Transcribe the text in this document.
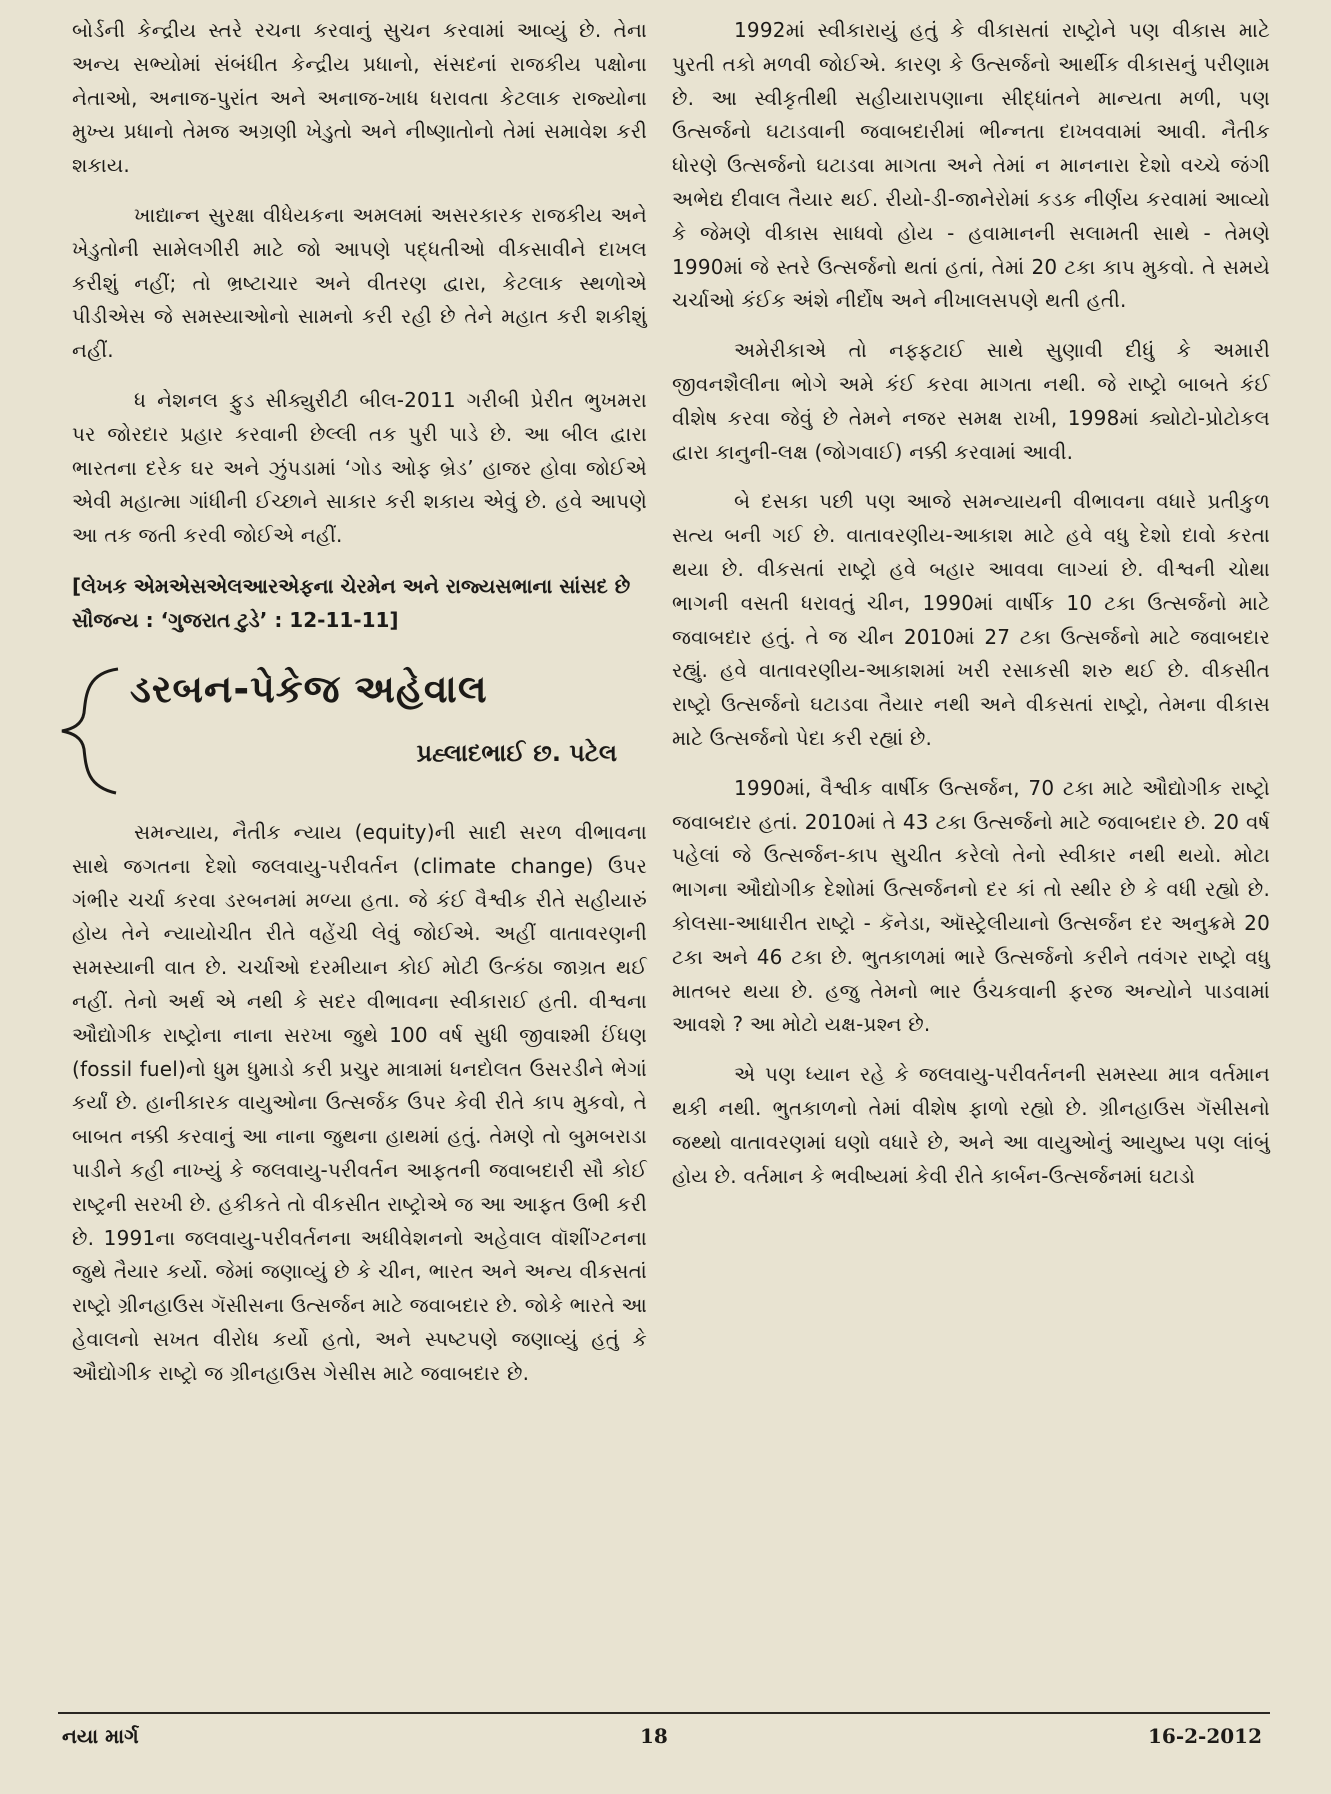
બોર્ડની કેન્દ્રીય સ્તરે રચના કરવાનું સુચન કરવામાં આવ્યું છે. તેના અન્ય સભ્યોમાં સંબંધીત કેન્દ્રીય પ્રધાનો, સંસદનાં રાજકીય પક્ષોના નેતાઓ, અનાજ-પુરાંત અને અનાજ-ખાધ ધરાવતા કેટલાક રાજ્યોના મુખ્ય પ્રધાનો તેમજ અગ્રણી ખેડુતો અને નીષ્ણાતોનો તેમાં સમાવેશ કરી શકાય.

ખાદ્યાન્ન સુરક્ષા વીધેયકના અમલમાં અસરકારક રાજકીય અને ખેડુતોની સામેલગીરી માટે જો આપણે પદ્ધતીઓ વીકસાવીને દાખલ કરીશું નહીં; તો ભ્રષ્ટાચાર અને વીતરણ દ્વારા, કેટલાક સ્થળોએ પીડીએસ જે સમસ્યાઓનો સામનો કરી રહી છે તેને મહાત કરી શકીશું નહીં.

ધ નેશનલ ફુડ સીક્યુરીટી બીલ-2011 ગરીબી પ્રેરીત ભુખમરા પર જોરદાર પ્રહાર કરવાની છેલ્લી તક પુરી પાડે છે. આ બીલ દ્વારા ભારતના દરેક ઘર અને ઝુંપડામાં ‘ગોડ ઓફ બ્રેડ’ હાજર હોવા જોઈએ એવી મહાત્મા ગાંધીની ઈચ્છાને સાકાર કરી શકાય એવું છે. હવે આપણે આ તક જતી કરવી જોઈએ નહીં.

[લેખક એમએસએલઆરએફના ચેરમેન અને રાજ્યસભાના સાંસદ છે સૌજન્ય : ‘ગુજરાત ટુડે’ : 12-11-11]

ડરબન-પેકેજ અહેવાલ
પ્રહ્લાદભાઈ છ. પટેલ

સમન્યાય, નૈતીક ન્યાય (equity)ની સાદી સરળ વીભાવના સાથે જગતના દેશો જલવાયુ-પરીવર્તન (climate change) ઉપર ગંભીર ચર્ચા કરવા ડરબનમાં મળ્યા હતા. જે કંઈ વૈશ્વીક રીતે સહીયારું હોય તેને ન્યાયોચીત રીતે વહેંચી લેવું જોઈએ. અહીં વાતાવરણની સમસ્યાની વાત છે. ચર્ચાઓ દરમીયાન કોઈ મોટી ઉત્કંઠા જાગ્રત થઈ નહીં. તેનો અર્થ એ નથી કે સદર વીભાવના સ્વીકારાઈ હતી. વીશ્વના ઔદ્યોગીક રાષ્ટ્રોના નાના સરખા જુથે 100 વર્ષ સુધી જીવાશ્મી ઈંધણ (fossil fuel)નો ધુમ ધુમાડો કરી પ્રચુર માત્રામાં ધનદોલત ઉસરડીને ભેગાં કર્યાં છે. હાનીકારક વાયુઓના ઉત્સર્જક ઉપર કેવી રીતે કાપ મુકવો, તે બાબત નક્કી કરવાનું આ નાના જુથના હાથમાં હતું. તેમણે તો બુમબરાડા પાડીને કહી નાખ્યું કે જલવાયુ-પરીવર્તન આફતની જવાબદારી સૌ કોઈ રાષ્ટ્રની સરખી છે. હકીકતે તો વીકસીત રાષ્ટ્રોએ જ આ આફત ઉભી કરી છે. 1991ના જલવાયુ-પરીવર્તનના અધીવેશનનો અહેવાલ વૉશીંગ્ટનના જુથે તૈયાર કર્યો. જેમાં જણાવ્યું છે કે ચીન, ભારત અને અન્ય વીકસતાં રાષ્ટ્રો ગ્રીનહાઉસ ગૅસીસના ઉત્સર્જન માટે જવાબદાર છે. જોકે ભારતે આ હેવાલનો સખત વીરોધ કર્યો હતો, અને સ્પષ્ટપણે જણાવ્યું હતું કે ઔદ્યોગીક રાષ્ટ્રો જ ગ્રીનહાઉસ ગેસીસ માટે જવાબદાર છે.

1992માં સ્વીકારાયું હતું કે વીકાસતાં રાષ્ટ્રોને પણ વીકાસ માટે પુરતી તકો મળવી જોઈએ. કારણ કે ઉત્સર્જનો આર્થીક વીકાસનું પરીણામ છે. આ સ્વીકૃતીથી સહીયારાપણાના સીદ્ધાંતને માન્યતા મળી, પણ ઉત્સર્જનો ઘટાડવાની જવાબદારીમાં ભીન્નતા દાખવવામાં આવી. નૈતીક ધોરણે ઉત્સર્જનો ઘટાડવા માગતા અને તેમાં ન માનનારા દેશો વચ્ચે જંગી અભેદ્ય દીવાલ તૈયાર થઈ. રીયો-ડી-જાનેરોમાં કડક નીર્ણય કરવામાં આવ્યો કે જેમણે વીકાસ સાધવો હોય - હવામાનની સલામતી સાથે - તેમણે 1990માં જે સ્તરે ઉત્સર્જનો થતાં હતાં, તેમાં 20 ટકા કાપ મુકવો. તે સમયે ચર્ચાઓ કંઈક અંશે નીર્દોષ અને નીખાલસપણે થતી હતી.

અમેરીકાએ તો નફ્ફટાઈ સાથે સુણાવી દીધું કે અમારી જીવનશૈલીના ભોગે અમે કંઈ કરવા માગતા નથી. જે રાષ્ટ્રો બાબતે કંઈ વીશેષ કરવા જેવું છે તેમને નજર સમક્ષ રાખી, 1998માં ક્યોટો-પ્રોટોકલ દ્વારા કાનુની-લક્ષ (જોગવાઈ) નક્કી કરવામાં આવી.

બે દસકા પછી પણ આજે સમન્યાયની વીભાવના વધારે પ્રતીકુળ સત્ય બની ગઈ છે. વાતાવરણીય-આકાશ માટે હવે વધુ દેશો દાવો કરતા થયા છે. વીકસતાં રાષ્ટ્રો હવે બહાર આવવા લાગ્યાં છે. વીશ્વની ચોથા ભાગની વસતી ધરાવતું ચીન, 1990માં વાર્ષીક 10 ટકા ઉત્સર્જનો માટે જવાબદાર હતું. તે જ ચીન 2010માં 27 ટકા ઉત્સર્જનો માટે જવાબદાર રહ્યું. હવે વાતાવરણીય-આકાશમાં ખરી રસાકસી શરુ થઈ છે. વીકસીત રાષ્ટ્રો ઉત્સર્જનો ઘટાડવા તૈયાર નથી અને વીકસતાં રાષ્ટ્રો, તેમના વીકાસ માટે ઉત્સર્જનો પેદા કરી રહ્યાં છે.

1990માં, વૈશ્વીક વાર્ષીક ઉત્સર્જન, 70 ટકા માટે ઔદ્યોગીક રાષ્ટ્રો જવાબદાર હતાં. 2010માં તે 43 ટકા ઉત્સર્જનો માટે જવાબદાર છે. 20 વર્ષ પહેલાં જે ઉત્સર્જન-કાપ સુચીત કરેલો તેનો સ્વીકાર નથી થયો. મોટા ભાગના ઔદ્યોગીક દેશોમાં ઉત્સર્જનનો દર કાં તો સ્થીર છે કે વધી રહ્યો છે. કોલસા-આધારીત રાષ્ટ્રો - કૅનેડા, ઑસ્ટ્રેલીયાનો ઉત્સર્જન દર અનુક્રમે 20 ટકા અને 46 ટકા છે. ભુતકાળમાં ભારે ઉત્સર્જનો કરીને તવંગર રાષ્ટ્રો વધુ માતબર થયા છે. હજુ તેમનો ભાર ઉંચકવાની ફરજ અન્યોને પાડવામાં આવશે ? આ મોટો યક્ષ-પ્રશ્ન છે.

એ પણ ધ્યાન રહે કે જલવાયુ-પરીવર્તનની સમસ્યા માત્ર વર્તમાન થકી નથી. ભુતકાળનો તેમાં વીશેષ ફાળો રહ્યો છે. ગ્રીનહાઉસ ગૅસીસનો જથ્થો વાતાવરણમાં ઘણો વધારે છે, અને આ વાયુઓનું આયુષ્ય પણ લાંબું હોય છે. વર્તમાન કે ભવીષ્યમાં કેવી રીતે કાર્બન-ઉત્સર્જનમાં ઘટાડો

નયા માર્ગ	18	16-2-2012
